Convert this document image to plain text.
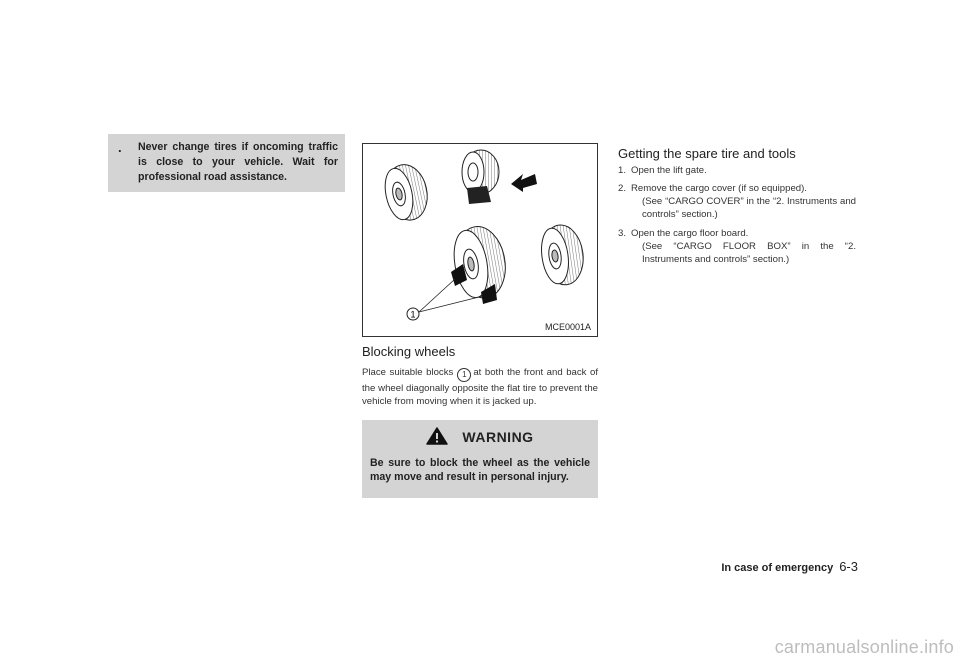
. Never change tires if oncoming traffic is close to your vehicle. Wait for professional road assistance.
1
MCE0001A
Blocking wheels
Place suitable blocks 1 at both the front and back of the wheel diagonally opposite the flat tire to prevent the vehicle from moving when it is jacked up.
WARNING
Be sure to block the wheel as the vehicle may move and result in personal injury.
Getting the spare tire and tools
1. Open the lift gate.
2. Remove the cargo cover (if so equipped).
(See “CARGO COVER” in the “2. Instruments and controls” section.)
3. Open the cargo floor board.
(See “CARGO FLOOR BOX” in the “2. Instruments and controls” section.)
In case of emergency 6-3
carmanualsonline.info
